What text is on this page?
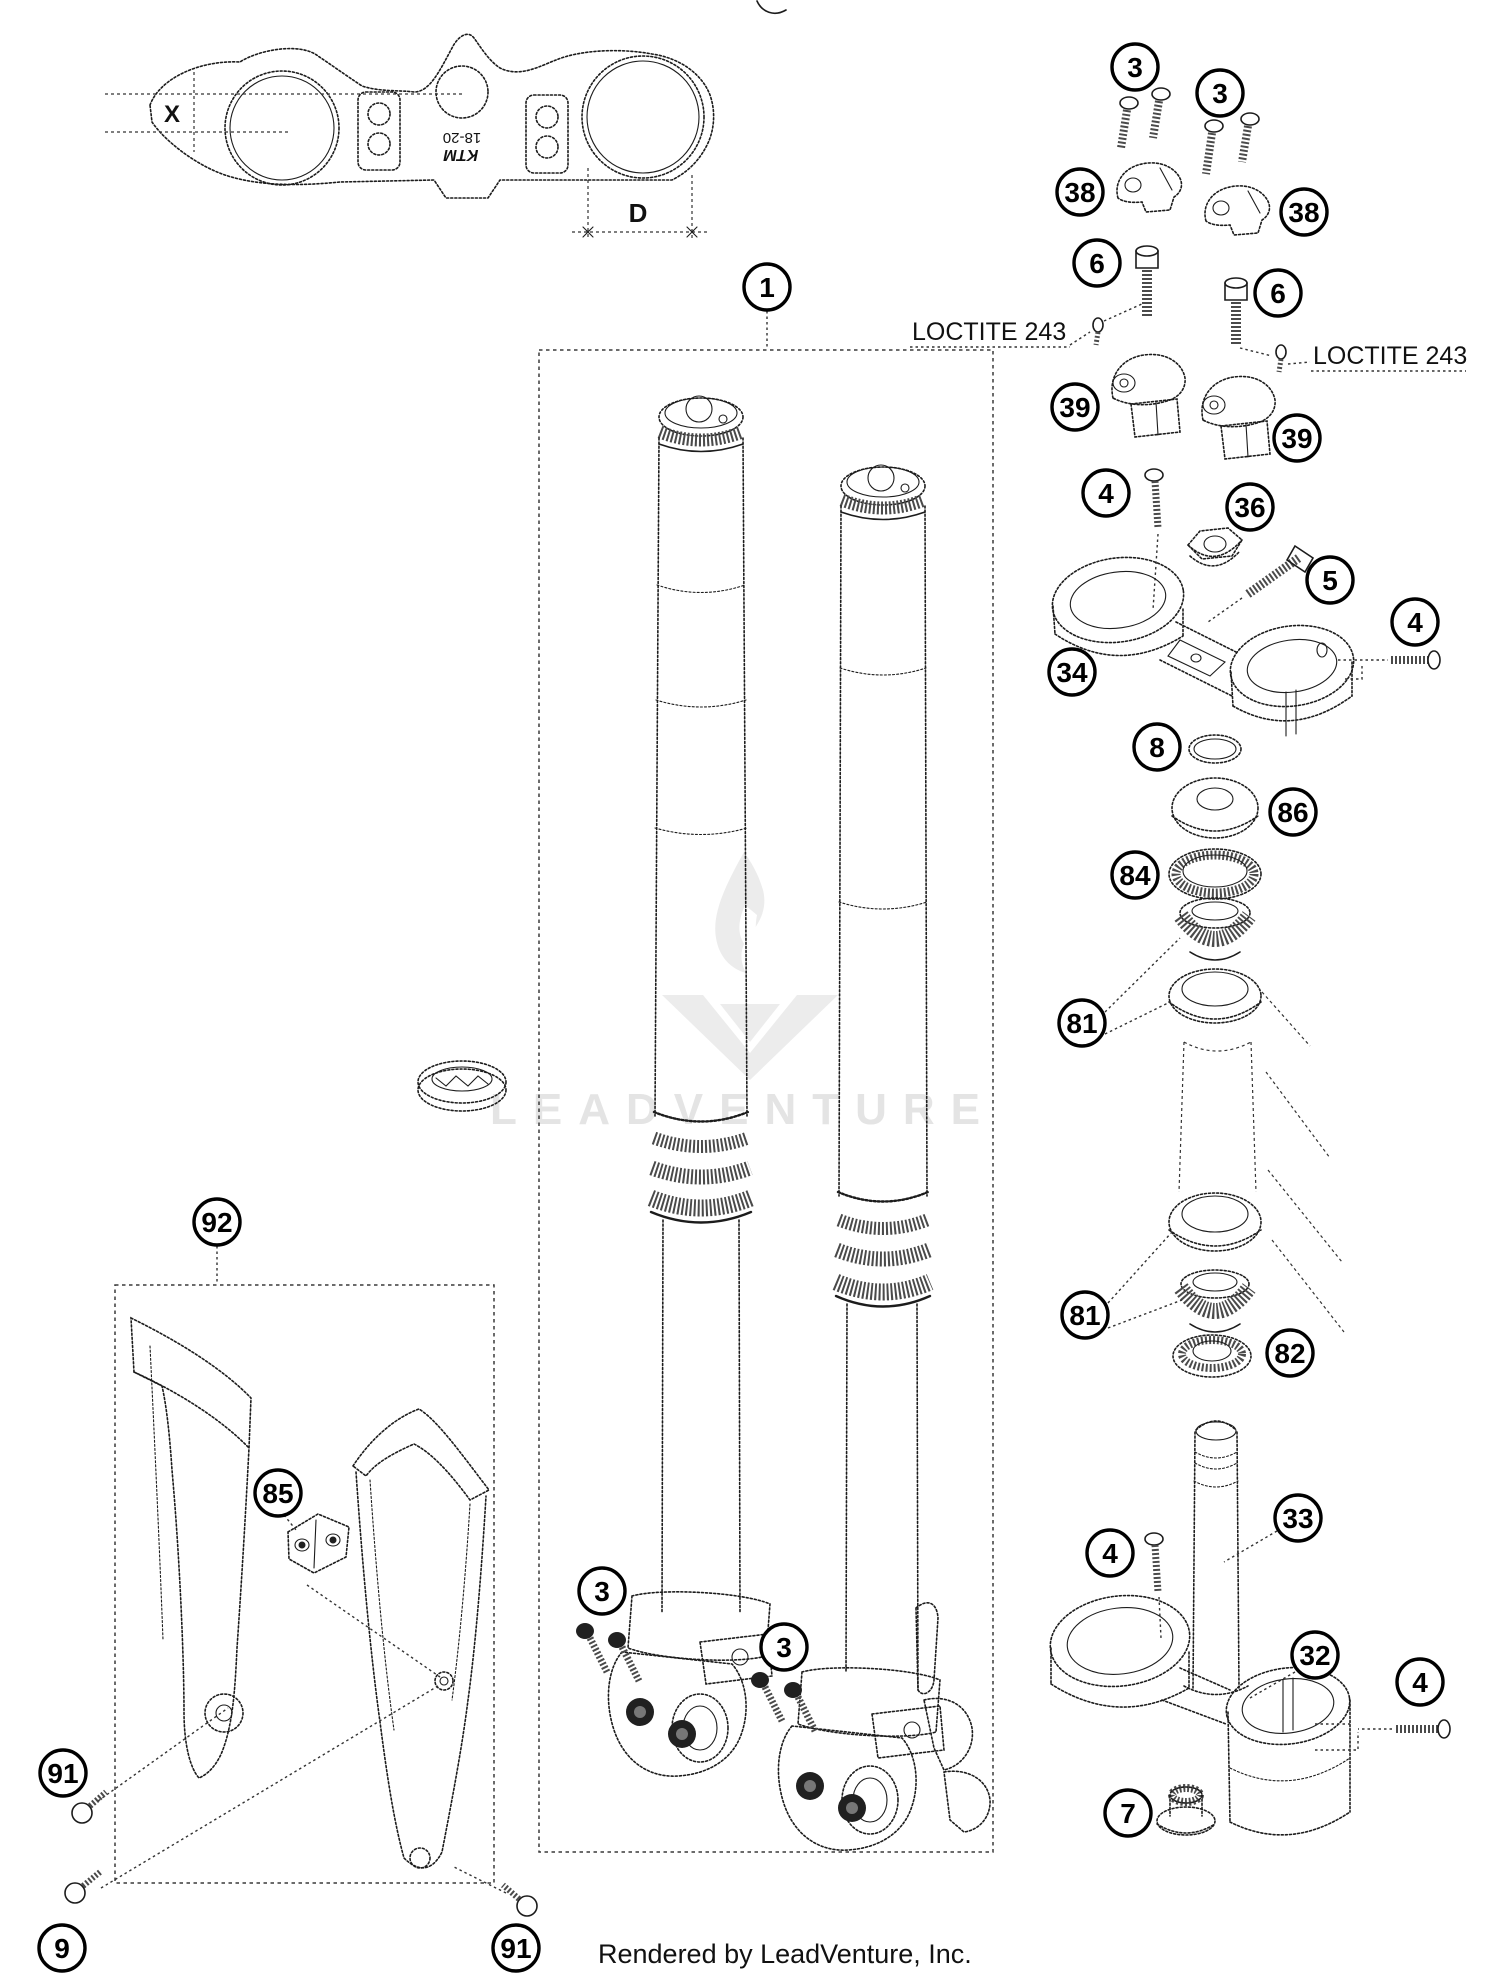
LEADVENTURE
18-20
KTM
X
D
LOCTITE 243
LOCTITE 243
1
3
3
38
38
6
6
39
39
4	36
5
4
34
8
86
84
81
81
82
33
4
32
4
7
92
85
91
9	91
3
3
Rendered by LeadVenture, Inc.
